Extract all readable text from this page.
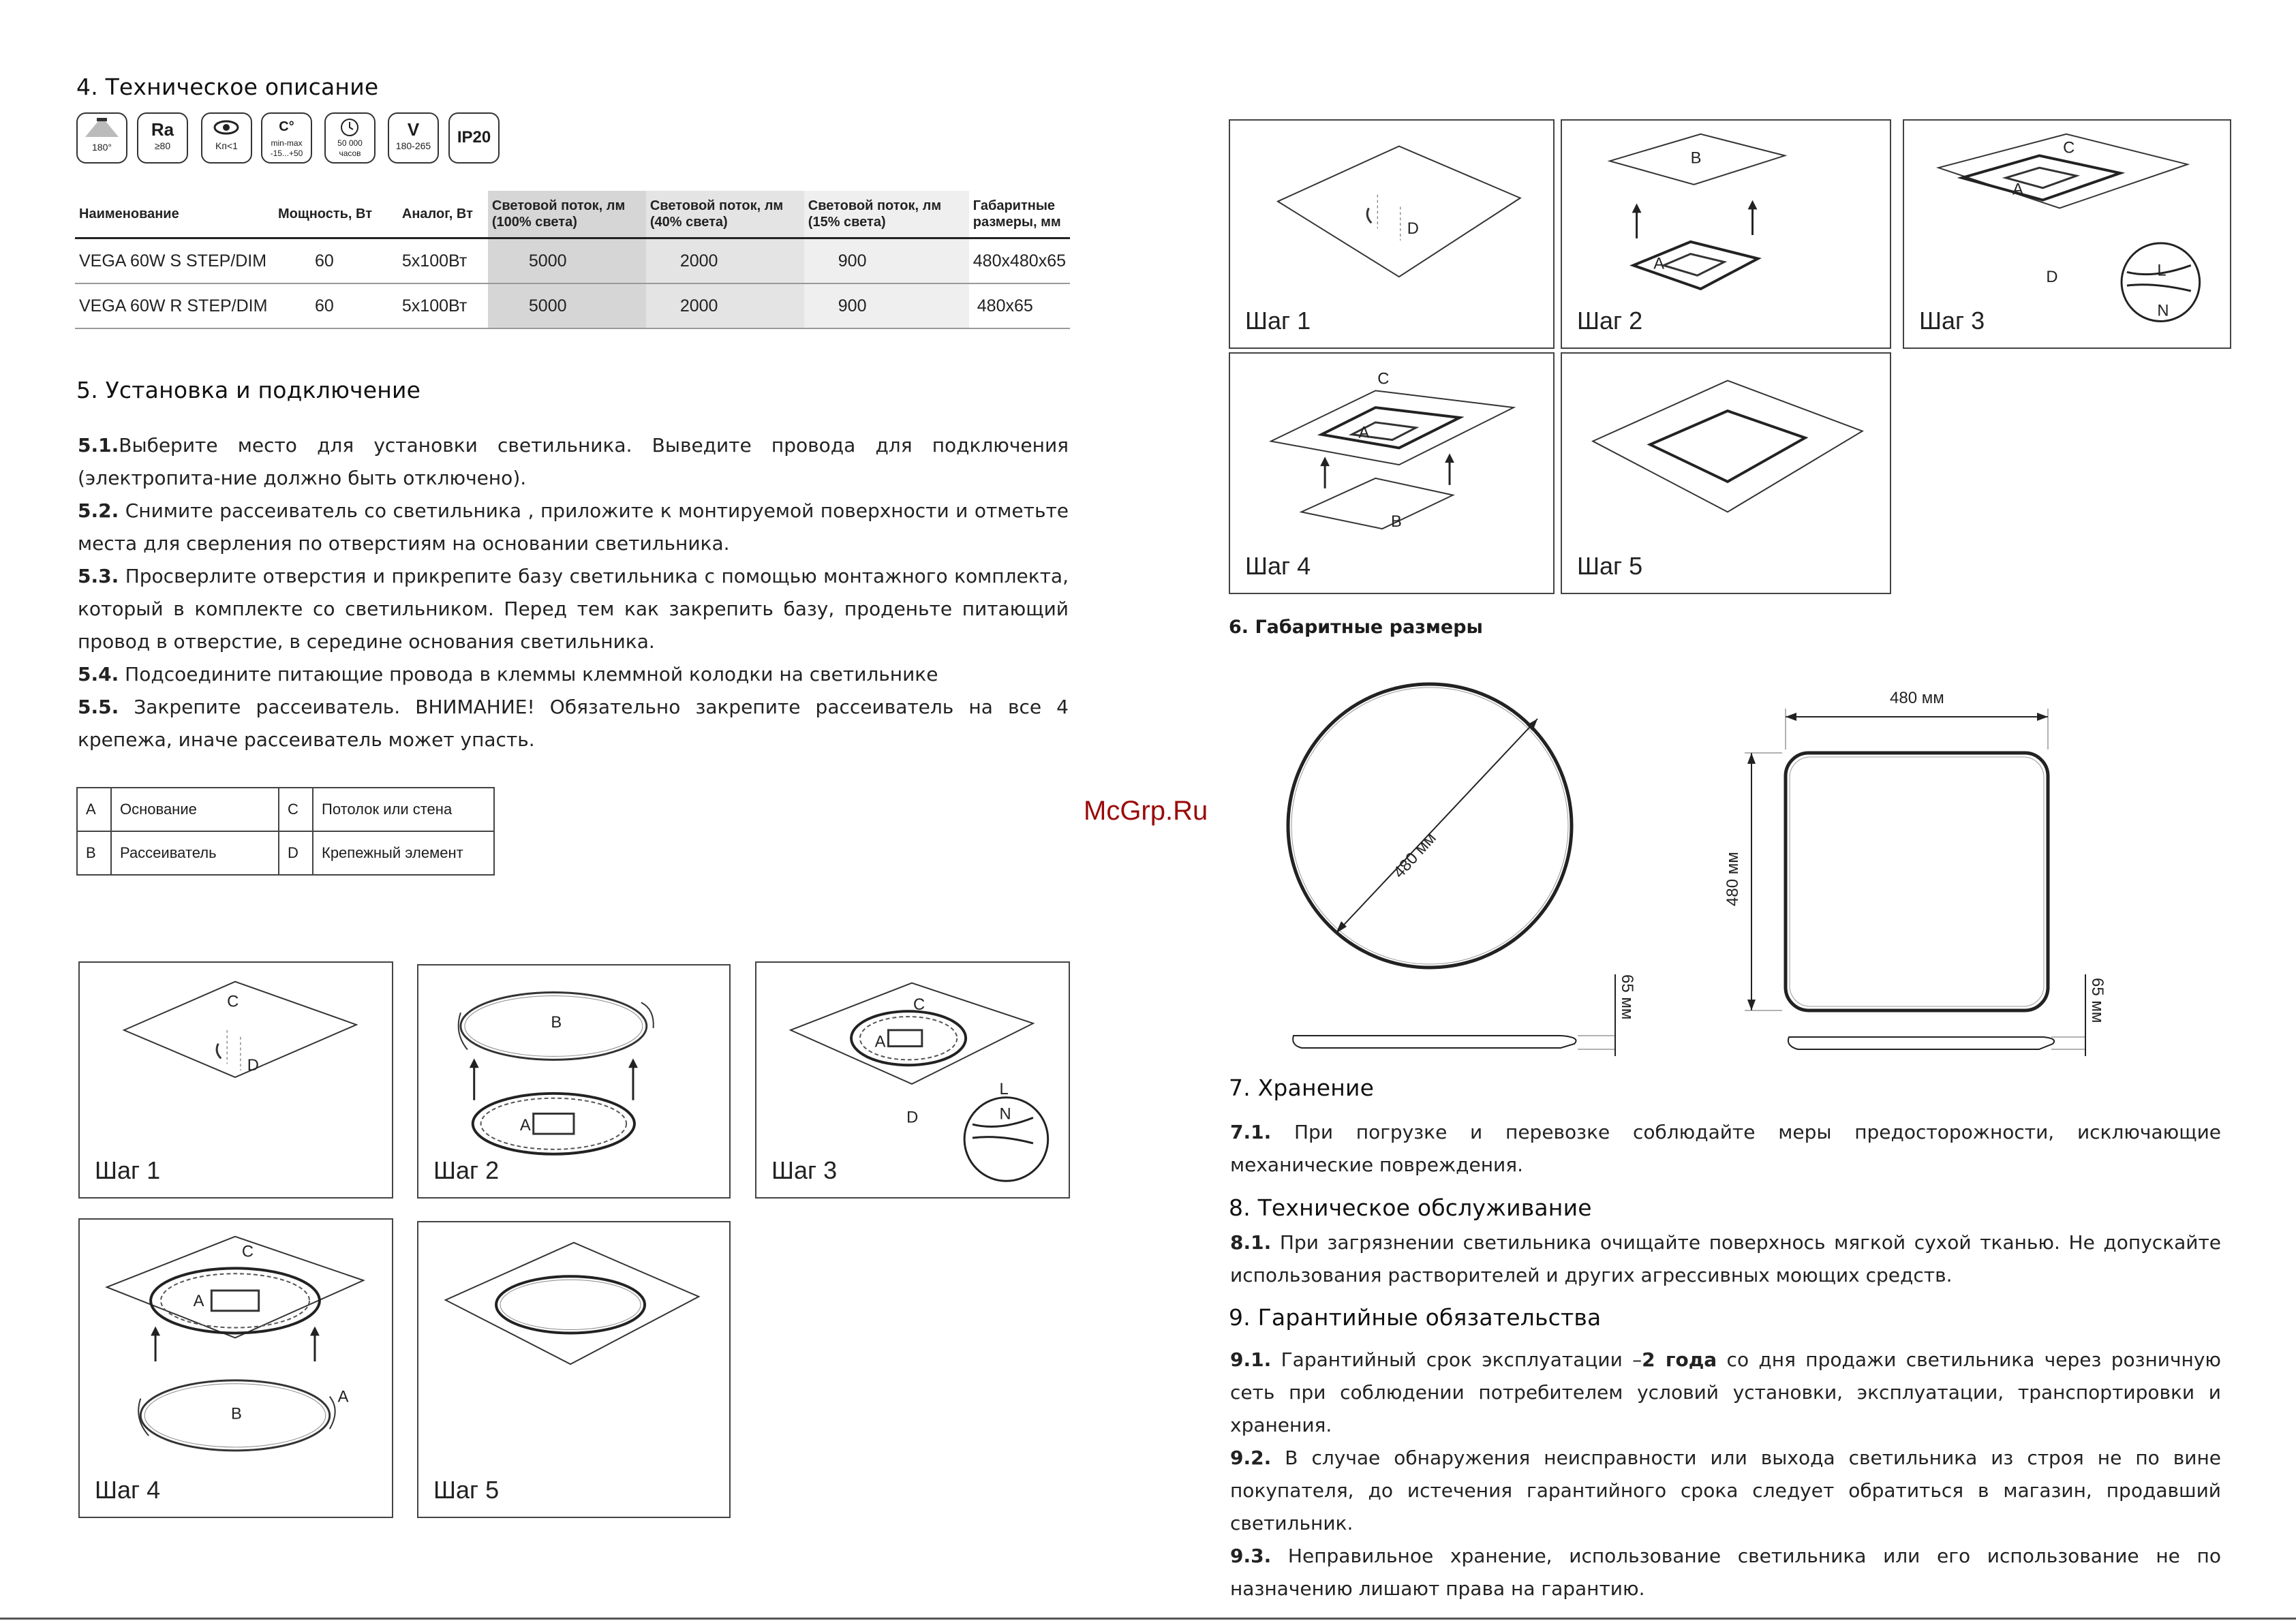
4. Техническое описание
180°
Ra
≥80	Kп<1
C°
min-max -15...+50
50 000 часов
V
180-265	IP20
Наименование	Мощность, Вт	Аналог, Вт	Световой поток, лм (100% света)	Световой поток, лм (40% света)	Световой поток, лм (15% света)	Габаритные размеры, мм
VEGA 60W S STEP/DIM	60	5х100Вт	5000	2000	900	480х480х65
VEGA 60W R STEP/DIM	60	5х100Вт	5000	2000	900	480х65
5. Установка и подключение
5.1.Выберите место для установки светильника. Выведите провода для подключения (электропита-ние должно быть отключено).
5.2. Снимите рассеиватель со светильника , приложите к монтируемой поверхности и отметьте места для сверления по отверстиям на основании светильника.
5.3. Просверлите отверстия и прикрепите базу светильника с помощью монтажного комплекта, который в комплекте со светильником. Перед тем как закрепить базу, проденьте питающий провод в отверстие, в середине основания светильника.
5.4. Подсоедините питающие провода в клеммы клеммной колодки на светильнике
5.5. Закрепите рассеиватель. ВНИМАНИЕ! Обязательно закрепите рассеиватель на все 4 крепежа, иначе рассеиватель может упасть.
A	Основание	C	Потолок или стена
B	Рассеиватель	D	Крепежный элемент
C
D
Шаг 1
B
A
Шаг 2
A
C
D
L
N
Шаг 3
A
C
B
A
Шаг 4	Шаг 5
McGrp.Ru
D
Шаг 1
B
A
Шаг 2
A
C
D	L
N
Шаг 3
A
C
B
Шаг 4	Шаг 5
6. Габаритные размеры
480 мм
65 мм
480 мм
480 мм
65 мм
7. Хранение
7.1. При погрузке и перевозке соблюдайте меры предосторожности, исключающие механические повреждения.
8. Техническое обслуживание
8.1. При загрязнении светильника очищайте поверхнось мягкой сухой тканью. Не допускайте использования растворителей и других агрессивных моющих средств.
9. Гарантийные обязательства
9.1. Гарантийный срок эксплуатации –2 года со дня продажи светильника через розничную сеть при соблюдении потребителем условий установки, эксплуатации, транспортировки и хранения.
9.2. В случае обнаружения неисправности или выхода светильника из строя не по вине покупателя, до истечения гарантийного срока следует обратиться в магазин, продавший светильник.
9.3. Неправильное хранение, использование светильника или его использование не по назначению лишают права на гарантию.
